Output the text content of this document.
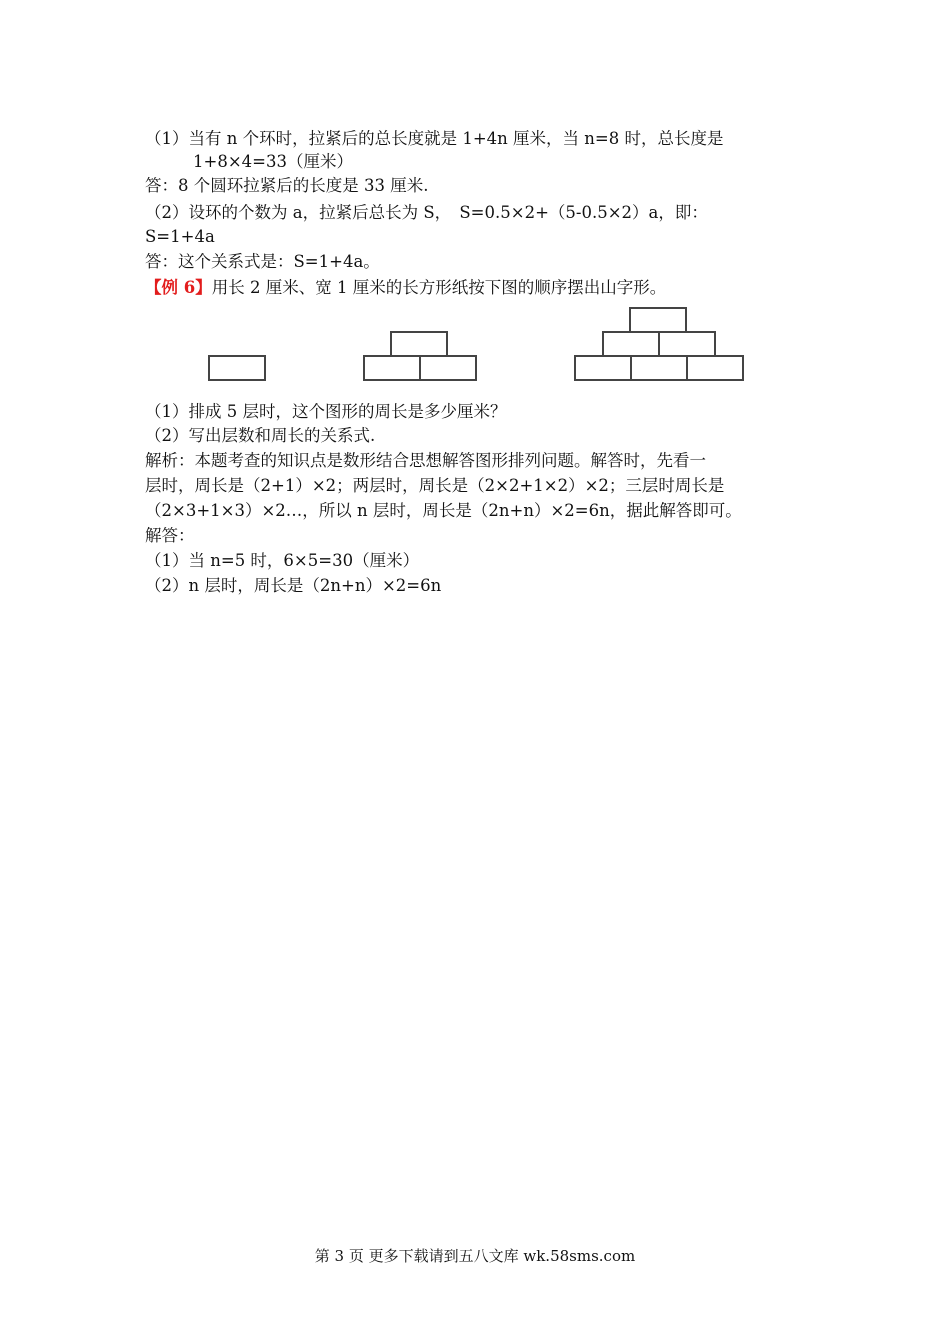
（1）当有 n 个环时，拉紧后的总长度就是 1+4n 厘米，当 n=8 时，总长度是
1+8×4=33（厘米）
答：8 个圆环拉紧后的长度是 33 厘米.
（2）设环的个数为 a，拉紧后总长为 S，　S=0.5×2+（5-0.5×2）a，即：
S=1+4a
答：这个关系式是：S=1+4a。
【例 6】用长 2 厘米、宽 1 厘米的长方形纸按下图的顺序摆出山字形。
（1）排成 5 层时，这个图形的周长是多少厘米？
（2）写出层数和周长的关系式.
解析：本题考查的知识点是数形结合思想解答图形排列问题。解答时，先看一
层时，周长是（2+1）×2；两层时，周长是（2×2+1×2）×2；三层时周长是
（2×3+1×3）×2…，所以 n 层时，周长是（2n+n）×2=6n，据此解答即可。
解答：
（1）当 n=5 时，6×5=30（厘米）
（2）n 层时，周长是（2n+n）×2=6n
第 3 页 更多下载请到五八文库 wk.58sms.com
